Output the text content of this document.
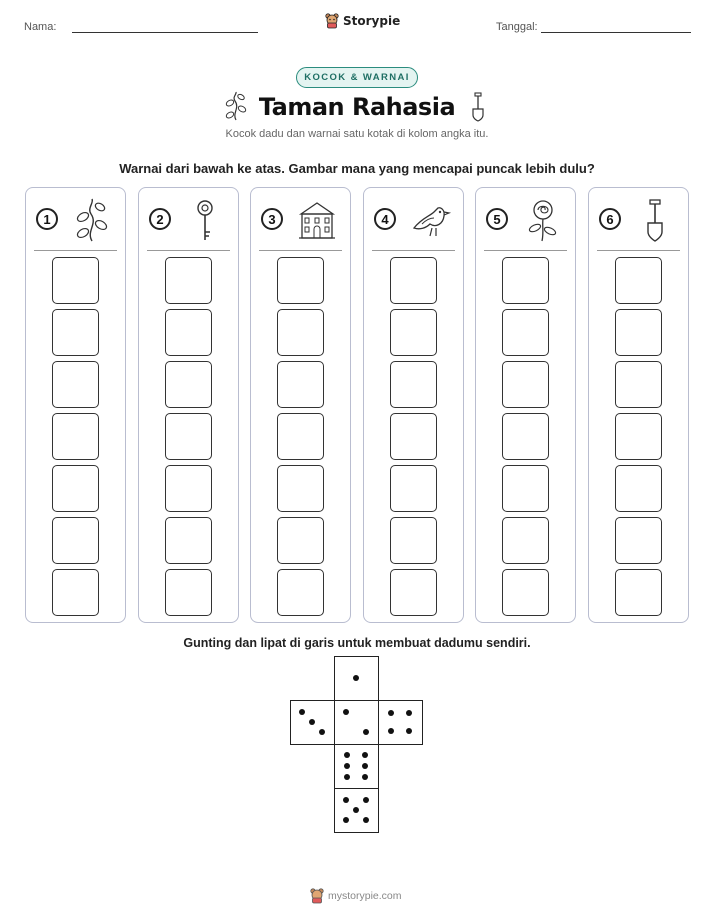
Nama:	Storypie	Tanggal:
KOCOK & WARNAI
Taman Rahasia
Kocok dadu dan warnai satu kotak di kolom angka itu.
Warnai dari bawah ke atas. Gambar mana yang mencapai puncak lebih dulu?
1	2	3	4	5	6
Gunting dan lipat di garis untuk membuat dadumu sendiri.
mystorypie.com
